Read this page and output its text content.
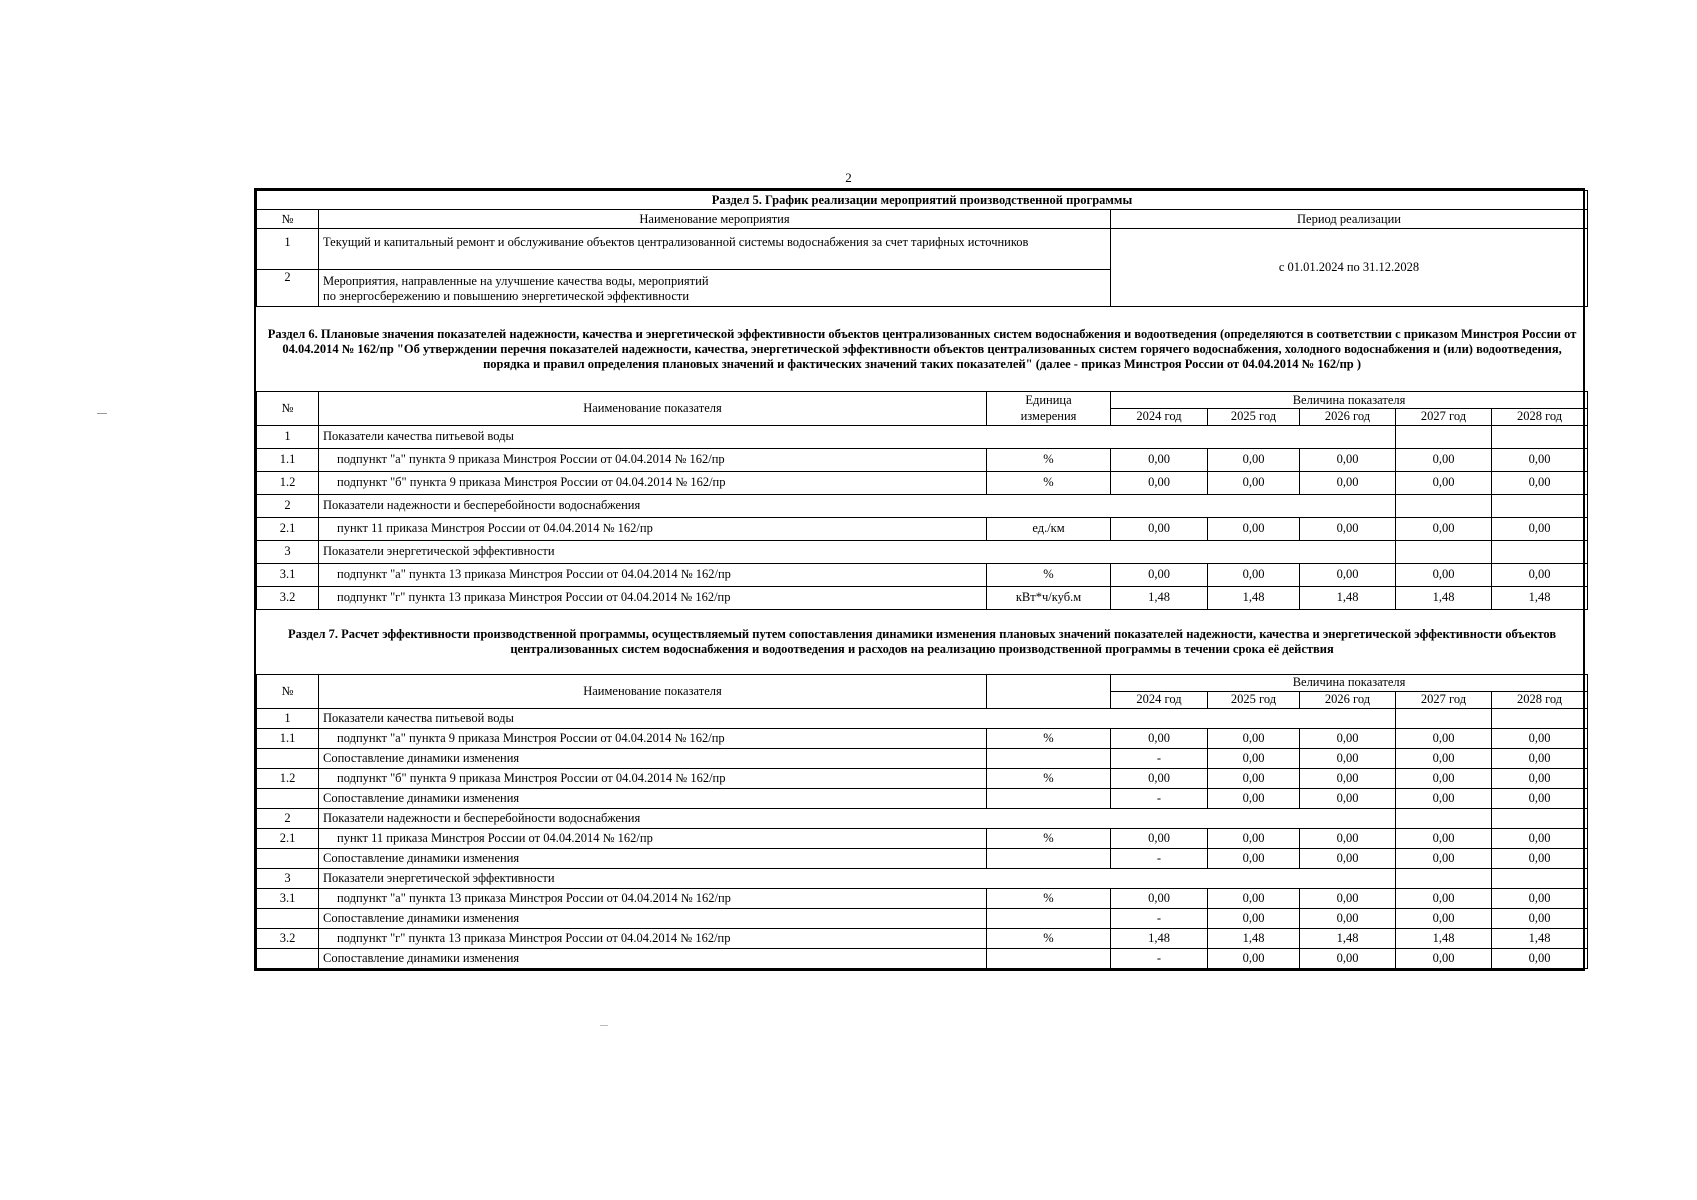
2
Раздел 5. График реализации мероприятий производственной программы		
№	Наименование мероприятия	Период реализации
1	Текущий и капитальный ремонт и обслуживание объектов централизованной системы водоснабжения за счет тарифных источников	с 01.01.2024 по 31.12.2028
2	Мероприятия, направленные на улучшение качества воды, мероприятий
по энергосбережению и повышению энергетической эффективности	
Раздел 6. Плановые значения показателей надежности, качества и энергетической эффективности объектов централизованных систем водоснабжения и водоотведения (определяются в соответствии с приказом Минстроя России от 04.04.2014 № 162/пр "Об утверждении перечня показателей надежности, качества, энергетической эффективности объектов централизованных систем горячего водоснабжения, холодного водоснабжения и (или) водоотведения, порядка и правил определения плановых значений и фактических значений таких показателей" (далее - приказ Минстроя России от 04.04.2014 № 162/пр )							
№	Наименование показателя	Единица	Величина показателя				
		измерения	2024 год	2025 год	2026 год	2027 год	2028 год
1	Показатели качества питьевой воды						
1.1	подпункт "а" пункта 9 приказа Минстроя России от 04.04.2014 № 162/пр	%	0,00	0,00	0,00	0,00	0,00
1.2	подпункт "б" пункта 9 приказа Минстроя России от 04.04.2014 № 162/пр	%	0,00	0,00	0,00	0,00	0,00
2	Показатели надежности и бесперебойности водоснабжения						
2.1	пункт 11 приказа Минстроя России от 04.04.2014 № 162/пр	ед./км	0,00	0,00	0,00	0,00	0,00
3	Показатели энергетической эффективности						
3.1	подпункт "а" пункта 13 приказа Минстроя России от 04.04.2014 № 162/пр	%	0,00	0,00	0,00	0,00	0,00
3.2	подпункт "г" пункта 13 приказа Минстроя России от 04.04.2014 № 162/пр	кВт*ч/куб.м	1,48	1,48	1,48	1,48	1,48
Раздел 7. Расчет эффективности производственной программы, осуществляемый путем сопоставления динамики изменения плановых значений показателей надежности, качества и энергетической эффективности объектов централизованных систем водоснабжения и водоотведения и расходов на реализацию производственной программы в течении срока её действия							
№	Наименование показателя		Величина показателя				
			2024 год	2025 год	2026 год	2027 год	2028 год
1	Показатели качества питьевой воды						
1.1	подпункт "а" пункта 9 приказа Минстроя России от 04.04.2014 № 162/пр	%	0,00	0,00	0,00	0,00	0,00
	Сопоставление динамики изменения		-	0,00	0,00	0,00	0,00
1.2	подпункт "б" пункта 9 приказа Минстроя России от 04.04.2014 № 162/пр	%	0,00	0,00	0,00	0,00	0,00
	Сопоставление динамики изменения		-	0,00	0,00	0,00	0,00
2	Показатели надежности и бесперебойности водоснабжения						
2.1	пункт 11 приказа Минстроя России от 04.04.2014 № 162/пр	%	0,00	0,00	0,00	0,00	0,00
	Сопоставление динамики изменения		-	0,00	0,00	0,00	0,00
3	Показатели энергетической эффективности						
3.1	подпункт "а" пункта 13 приказа Минстроя России от 04.04.2014 № 162/пр	%	0,00	0,00	0,00	0,00	0,00
	Сопоставление динамики изменения		-	0,00	0,00	0,00	0,00
3.2	подпункт "г" пункта 13 приказа Минстроя России от 04.04.2014 № 162/пр	%	1,48	1,48	1,48	1,48	1,48
	Сопоставление динамики изменения		-	0,00	0,00	0,00	0,00
